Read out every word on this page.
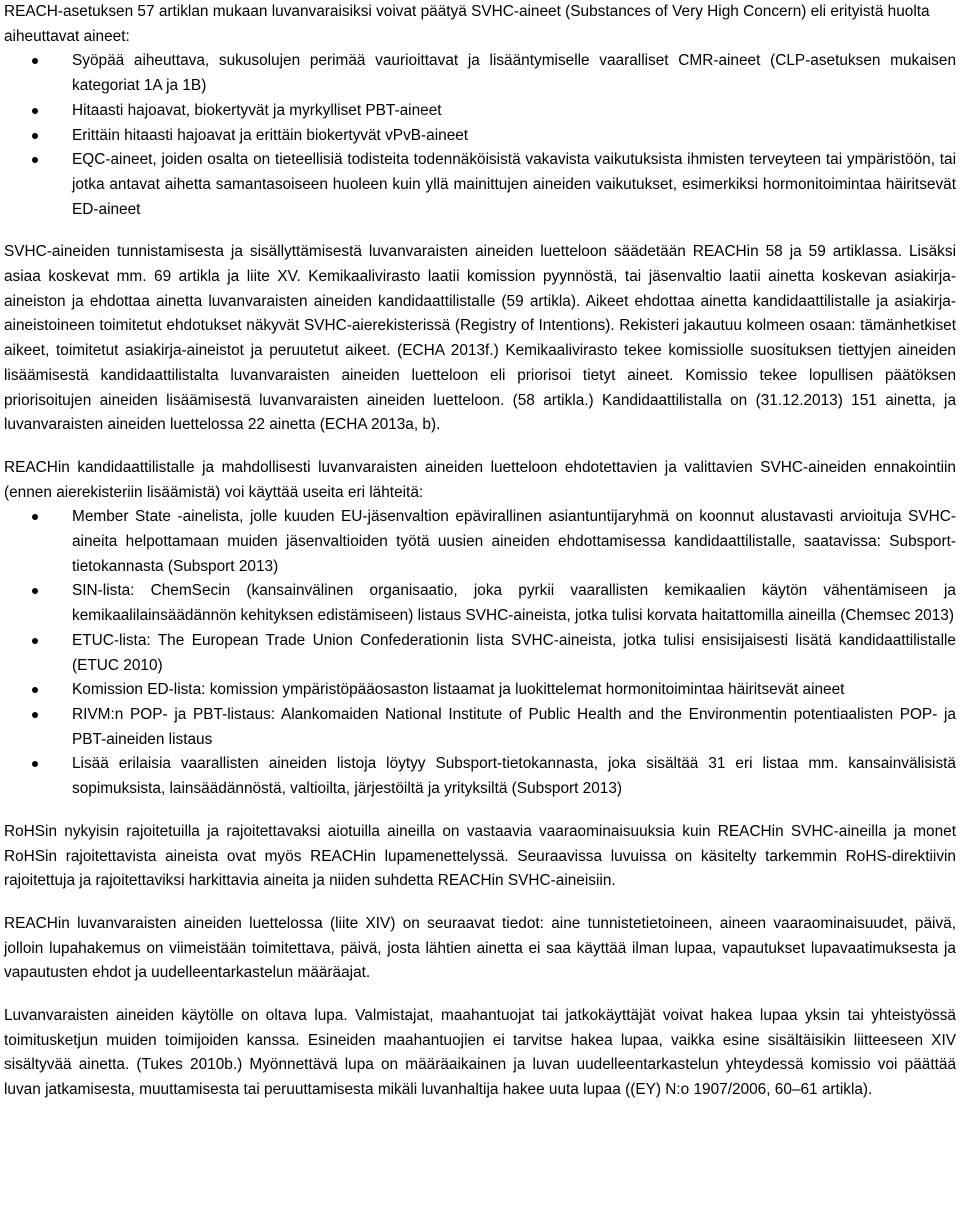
REACH-asetuksen 57 artiklan mukaan luvanvaraisiksi voivat päätyä SVHC-aineet (Substances of Very High Concern) eli erityistä huolta aiheuttavat aineet:

Syöpää aiheuttava, sukusolujen perimää vaurioittavat ja lisääntymiselle vaaralliset CMR-aineet (CLP-asetuksen mukaisen kategoriat 1A ja 1B)
Hitaasti hajoavat, biokertyvät ja myrkylliset PBT-aineet
Erittäin hitaasti hajoavat ja erittäin biokertyvät vPvB-aineet
EQC-aineet, joiden osalta on tieteellisiä todisteita todennäköisistä vakavista vaikutuksista ihmisten terveyteen tai ympäristöön, tai jotka antavat aihetta samantasoiseen huoleen kuin yllä mainittujen aineiden vaikutukset, esimerkiksi hormonitoimintaa häiritsevät ED-aineet

SVHC-aineiden tunnistamisesta ja sisällyttämisestä luvanvaraisten aineiden luetteloon säädetään REACHin 58 ja 59 artiklassa. Lisäksi asiaa koskevat mm. 69 artikla ja liite XV. Kemikaalivirasto laatii komission pyynnöstä, tai jäsenvaltio laatii ainetta koskevan asiakirja-aineiston ja ehdottaa ainetta luvanvaraisten aineiden kandidaattilistalle (59 artikla). Aikeet ehdottaa ainetta kandidaattilistalle ja asiakirja-aineistoineen toimitetut ehdotukset näkyvät SVHC-aierekisterissä (Registry of Intentions). Rekisteri jakautuu kolmeen osaan: tämänhetkiset aikeet, toimitetut asiakirja-aineistot ja peruutetut aikeet. (ECHA 2013f.) Kemikaalivirasto tekee komissiolle suosituksen tiettyjen aineiden lisäämisestä kandidaattilistalta luvanvaraisten aineiden luetteloon eli priorisoi tietyt aineet. Komissio tekee lopullisen päätöksen priorisoitujen aineiden lisäämisestä luvanvaraisten aineiden luetteloon. (58 artikla.) Kandidaattilistalla on (31.12.2013) 151 ainetta, ja luvanvaraisten aineiden luettelossa 22 ainetta (ECHA 2013a, b).

REACHin kandidaattilistalle ja mahdollisesti luvanvaraisten aineiden luetteloon ehdotettavien ja valittavien SVHC-aineiden ennakointiin (ennen aierekisteriin lisäämistä) voi käyttää useita eri lähteitä:

Member State -ainelista, jolle kuuden EU-jäsenvaltion epävirallinen asiantuntijaryhmä on koonnut alustavasti arvioituja SVHC-aineita helpottamaan muiden jäsenvaltioiden työtä uusien aineiden ehdottamisessa kandidaattilistalle, saatavissa: Subsport-tietokannasta (Subsport 2013)
SIN-lista: ChemSecin (kansainvälinen organisaatio, joka pyrkii vaarallisten kemikaalien käytön vähentämiseen ja kemikaalilainsäädännön kehityksen edistämiseen) listaus SVHC-aineista, jotka tulisi korvata haitattomilla aineilla (Chemsec 2013)
ETUC-lista: The European Trade Union Confederationin lista SVHC-aineista, jotka tulisi ensisijaisesti lisätä kandidaattilistalle (ETUC 2010)
Komission ED-lista: komission ympäristöpääosaston listaamat ja luokittelemat hormonitoimintaa häiritsevät aineet
RIVM:n POP- ja PBT-listaus: Alankomaiden National Institute of Public Health and the Environmentin potentiaalisten POP- ja PBT-aineiden listaus
Lisää erilaisia vaarallisten aineiden listoja löytyy Subsport-tietokannasta, joka sisältää 31 eri listaa mm. kansainvälisistä sopimuksista, lainsäädännöstä, valtioilta, järjestöiltä ja yrityksiltä (Subsport 2013)

RoHSin nykyisin rajoitetuilla ja rajoitettavaksi aiotuilla aineilla on vastaavia vaaraominaisuuksia kuin REACHin SVHC-aineilla ja monet RoHSin rajoitettavista aineista ovat myös REACHin lupamenettelyssä. Seuraavissa luvuissa on käsitelty tarkemmin RoHS-direktiivin rajoitettuja ja rajoitettaviksi harkittavia aineita ja niiden suhdetta REACHin SVHC-aineisiin.

REACHin luvanvaraisten aineiden luettelossa (liite XIV) on seuraavat tiedot: aine tunnistetietoineen, aineen vaaraominaisuudet, päivä, jolloin lupahakemus on viimeistään toimitettava, päivä, josta lähtien ainetta ei saa käyttää ilman lupaa, vapautukset lupavaatimuksesta ja vapautusten ehdot ja uudelleentarkastelun määräajat.

Luvanvaraisten aineiden käytölle on oltava lupa. Valmistajat, maahantuojat tai jatkokäyttäjät voivat hakea lupaa yksin tai yhteistyössä toimitusketjun muiden toimijoiden kanssa. Esineiden maahantuojien ei tarvitse hakea lupaa, vaikka esine sisältäisikin liitteeseen XIV sisältyvää ainetta. (Tukes 2010b.) Myönnettävä lupa on määräaikainen ja luvan uudelleentarkastelun yhteydessä komissio voi päättää luvan jatkamisesta, muuttamisesta tai peruuttamisesta mikäli luvanhaltija hakee uuta lupaa ((EY) N:o 1907/2006, 60–61 artikla).
